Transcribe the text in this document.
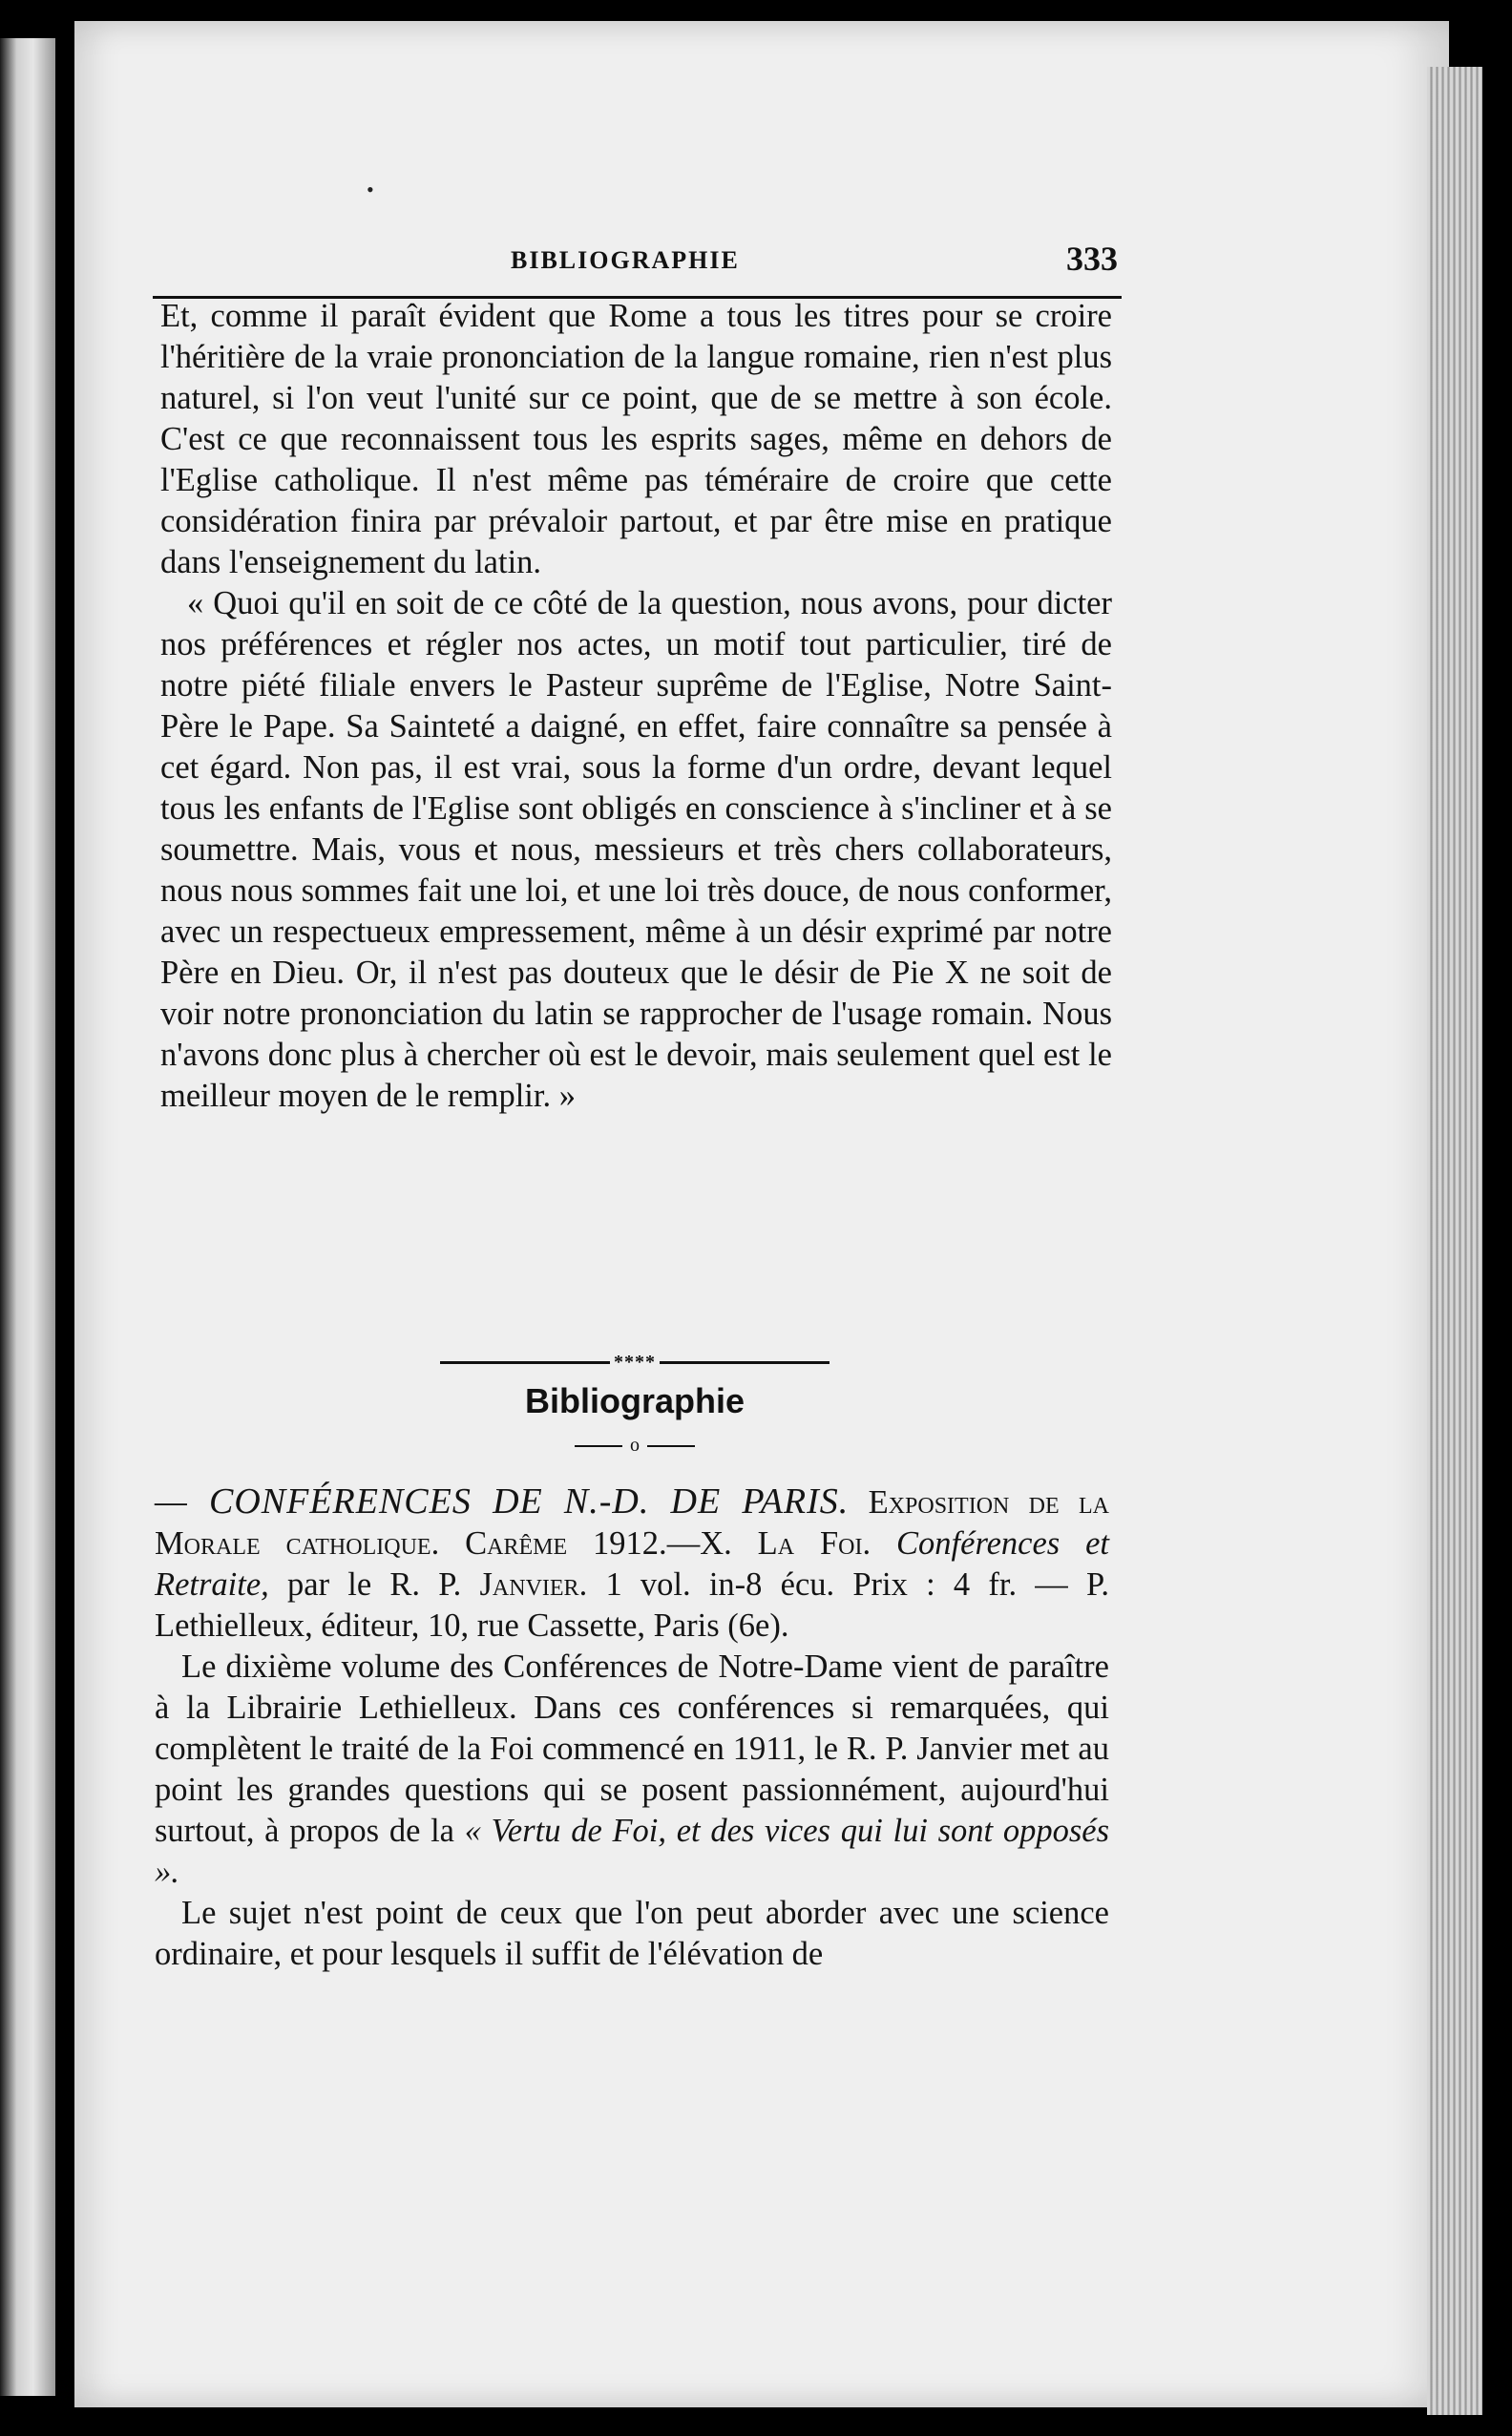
•
BIBLIOGRAPHIE	333

Et, comme il paraît évident que Rome a tous les titres pour se croire l'héritière de la vraie prononciation de la langue romaine, rien n'est plus naturel, si l'on veut l'unité sur ce point, que de se mettre à son école. C'est ce que reconnaissent tous les esprits sages, même en dehors de l'Eglise catholique. Il n'est même pas téméraire de croire que cette considération finira par prévaloir partout, et par être mise en pratique dans l'enseignement du latin.

« Quoi qu'il en soit de ce côté de la question, nous avons, pour dicter nos préférences et régler nos actes, un motif tout particulier, tiré de notre piété filiale envers le Pasteur suprême de l'Eglise, Notre Saint-Père le Pape. Sa Sainteté a daigné, en effet, faire connaître sa pensée à cet égard. Non pas, il est vrai, sous la forme d'un ordre, devant lequel tous les enfants de l'Eglise sont obligés en conscience à s'incliner et à se soumettre. Mais, vous et nous, messieurs et très chers collaborateurs, nous nous sommes fait une loi, et une loi très douce, de nous conformer, avec un respectueux empressement, même à un désir exprimé par notre Père en Dieu. Or, il n'est pas douteux que le désir de Pie X ne soit de voir notre prononciation du latin se rapprocher de l'usage romain. Nous n'avons donc plus à chercher où est le devoir, mais seulement quel est le meilleur moyen de le remplir. »

****
Bibliographie
o

— CONFÉRENCES DE N.-D. DE PARIS. Exposition de la Morale catholique. Carême 1912.—X. La Foi. Conférences et Retraite, par le R. P. Janvier. 1 vol. in-8 écu. Prix : 4 fr. — P. Lethielleux, éditeur, 10, rue Cassette, Paris (6e).

Le dixième volume des Conférences de Notre-Dame vient de paraître à la Librairie Lethielleux. Dans ces conférences si remarquées, qui complètent le traité de la Foi commencé en 1911, le R. P. Janvier met au point les grandes questions qui se posent passionnément, aujourd'hui surtout, à propos de la « Vertu de Foi, et des vices qui lui sont opposés ».

Le sujet n'est point de ceux que l'on peut aborder avec une science ordinaire, et pour lesquels il suffit de l'élévation de
